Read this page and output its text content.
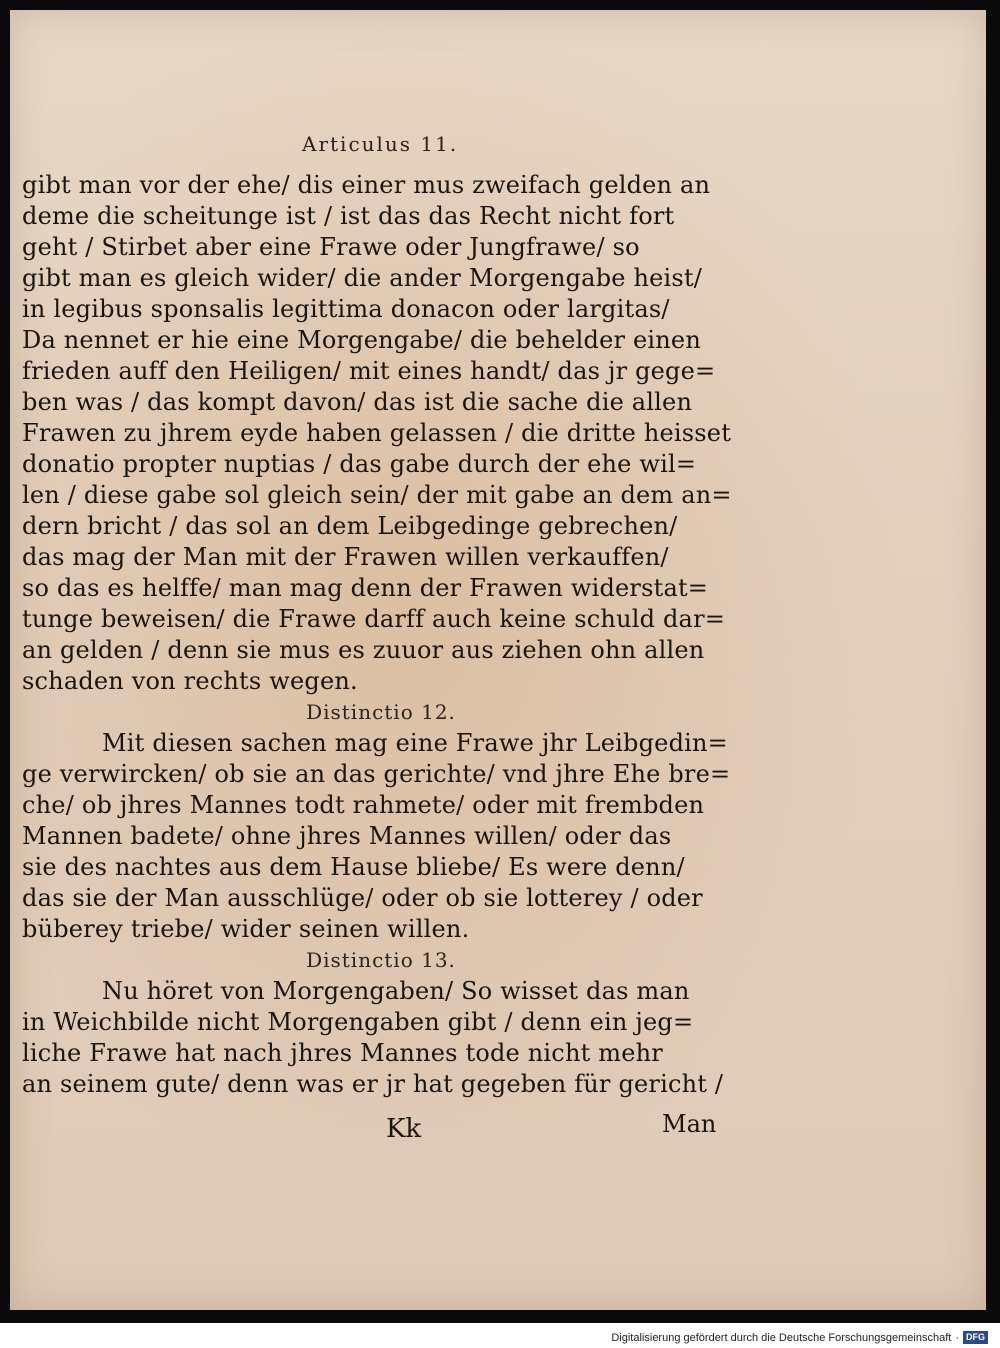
Articulus 11.
gibt man vor der ehe/ dis einer mus zweifach gelden an
deme die scheitunge ist / ist das das Recht nicht fort
geht / Stirbet aber eine Frawe oder Jungfrawe/ so
gibt man es gleich wider/ die ander Morgengabe heist/
in legibus sponsalis legittima donacon oder largitas/
Da nennet er hie eine Morgengabe/ die behelder einen
frieden auff den Heiligen/ mit eines handt/ das jr gege=
ben was / das kompt davon/ das ist die sache die allen
Frawen zu jhrem eyde haben gelassen / die dritte heisset
donatio propter nuptias / das gabe durch der ehe wil=
len / diese gabe sol gleich sein/ der mit gabe an dem an=
dern bricht / das sol an dem Leibgedinge gebrechen/
das mag der Man mit der Frawen willen verkauffen/
so das es helffe/ man mag denn der Frawen widerstat=
tunge beweisen/ die Frawe darff auch keine schuld dar=
an gelden / denn sie mus es zuuor aus ziehen ohn allen
schaden von rechts wegen.
Distinctio 12.
Mit diesen sachen mag eine Frawe jhr Leibgedin=
ge verwircken/ ob sie an das gerichte/ vnd jhre Ehe bre=
che/ ob jhres Mannes todt rahmete/ oder mit frembden
Mannen badete/ ohne jhres Mannes willen/ oder das
sie des nachtes aus dem Hause bliebe/ Es were denn/
das sie der Man ausschlüge/ oder ob sie lotterey / oder
büberey triebe/ wider seinen willen.
Distinctio 13.
Nu höret von Morgengaben/ So wisset das man
in Weichbilde nicht Morgengaben gibt / denn ein jeg=
liche Frawe hat nach jhres Mannes tode nicht mehr
an seinem gute/ denn was er jr hat gegeben für gericht /
Kk	Man
Digitalisierung gefördert durch die Deutsche Forschungsgemeinschaft · DFG
